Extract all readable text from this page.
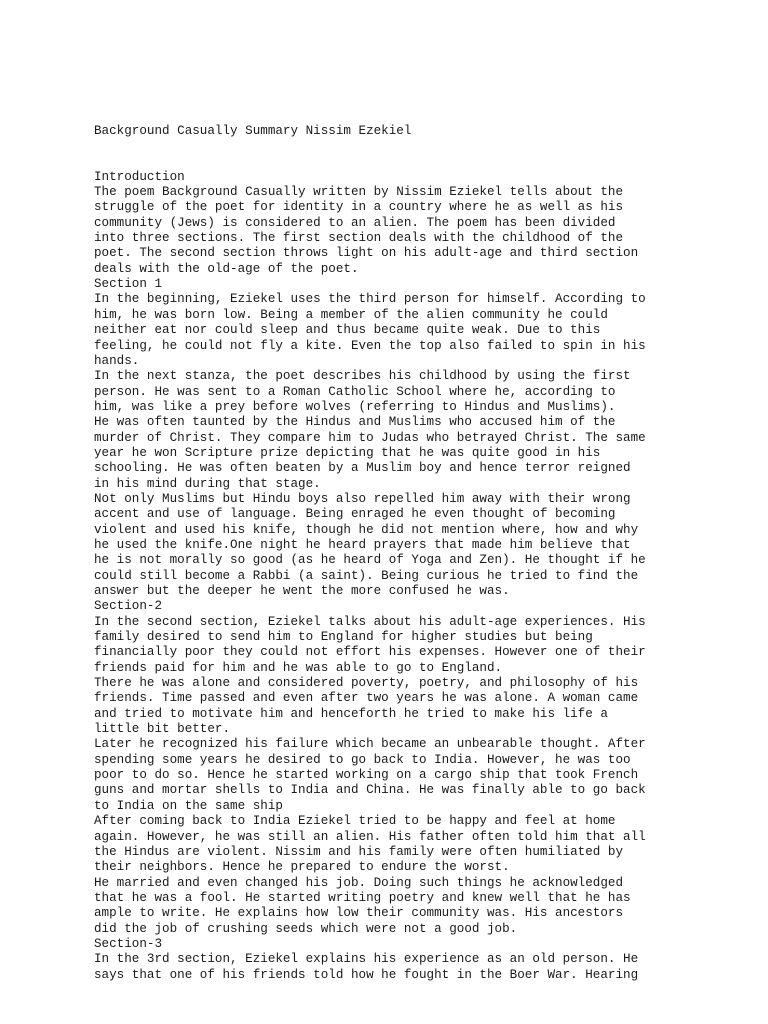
Background Casually Summary Nissim Ezekiel

Introduction
The poem Background Casually written by Nissim Eziekel tells about the
struggle of the poet for identity in a country where he as well as his
community (Jews) is considered to an alien. The poem has been divided
into three sections. The first section deals with the childhood of the
poet. The second section throws light on his adult-age and third section
deals with the old-age of the poet.
Section 1
In the beginning, Eziekel uses the third person for himself. According to
him, he was born low. Being a member of the alien community he could
neither eat nor could sleep and thus became quite weak. Due to this
feeling, he could not fly a kite. Even the top also failed to spin in his
hands.
In the next stanza, the poet describes his childhood by using the first
person. He was sent to a Roman Catholic School where he, according to
him, was like a prey before wolves (referring to Hindus and Muslims).
He was often taunted by the Hindus and Muslims who accused him of the
murder of Christ. They compare him to Judas who betrayed Christ. The same
year he won Scripture prize depicting that he was quite good in his
schooling. He was often beaten by a Muslim boy and hence terror reigned
in his mind during that stage.
Not only Muslims but Hindu boys also repelled him away with their wrong
accent and use of language. Being enraged he even thought of becoming
violent and used his knife, though he did not mention where, how and why
he used the knife.One night he heard prayers that made him believe that
he is not morally so good (as he heard of Yoga and Zen). He thought if he
could still become a Rabbi (a saint). Being curious he tried to find the
answer but the deeper he went the more confused he was.
Section-2
In the second section, Eziekel talks about his adult-age experiences. His
family desired to send him to England for higher studies but being
financially poor they could not effort his expenses. However one of their
friends paid for him and he was able to go to England.
There he was alone and considered poverty, poetry, and philosophy of his
friends. Time passed and even after two years he was alone. A woman came
and tried to motivate him and henceforth he tried to make his life a
little bit better.
Later he recognized his failure which became an unbearable thought. After
spending some years he desired to go back to India. However, he was too
poor to do so. Hence he started working on a cargo ship that took French
guns and mortar shells to India and China. He was finally able to go back
to India on the same ship
After coming back to India Eziekel tried to be happy and feel at home
again. However, he was still an alien. His father often told him that all
the Hindus are violent. Nissim and his family were often humiliated by
their neighbors. Hence he prepared to endure the worst.
He married and even changed his job. Doing such things he acknowledged
that he was a fool. He started writing poetry and knew well that he has
ample to write. He explains how low their community was. His ancestors
did the job of crushing seeds which were not a good job.
Section-3
In the 3rd section, Eziekel explains his experience as an old person. He
says that one of his friends told how he fought in the Boer War. Hearing
